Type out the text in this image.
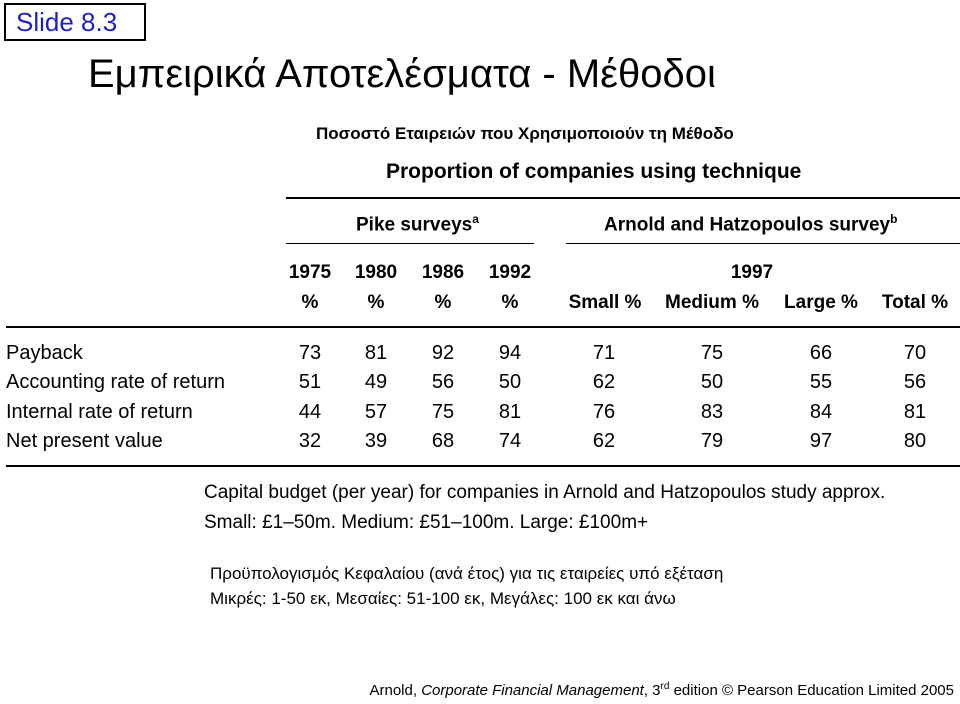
Slide 8.3
Εμπειρικά Αποτελέσματα - Μέθοδοι
Ποσοστό Εταιρειών που Χρησιμοποιούν τη Μέθοδο
Proportion of companies using technique
Pike surveys$^a$	Arnold and Hatzopoulos survey$^b$
1975	1980	1986	1992	1997
%	%	%	%	Small %	Medium %	Large %	Total %
Payback	73	81	92	94	71	75	66	70
Accounting rate of return	51	49	56	50	62	50	55	56
Internal rate of return	44	57	75	81	76	83	84	81
Net present value	32	39	68	74	62	79	97	80
Capital budget (per year) for companies in Arnold and Hatzopoulos study approx.
Small: £1–50m. Medium: £51–100m. Large: £100m+
Προϋπολογισμός Κεφαλαίου (ανά έτος) για τις εταιρείες υπό εξέταση
Μικρές: 1-50 εκ, Μεσαίες: 51-100 εκ, Μεγάλες: 100 εκ και άνω
Arnold, Corporate Financial Management, 3rd edition © Pearson Education Limited 2005
